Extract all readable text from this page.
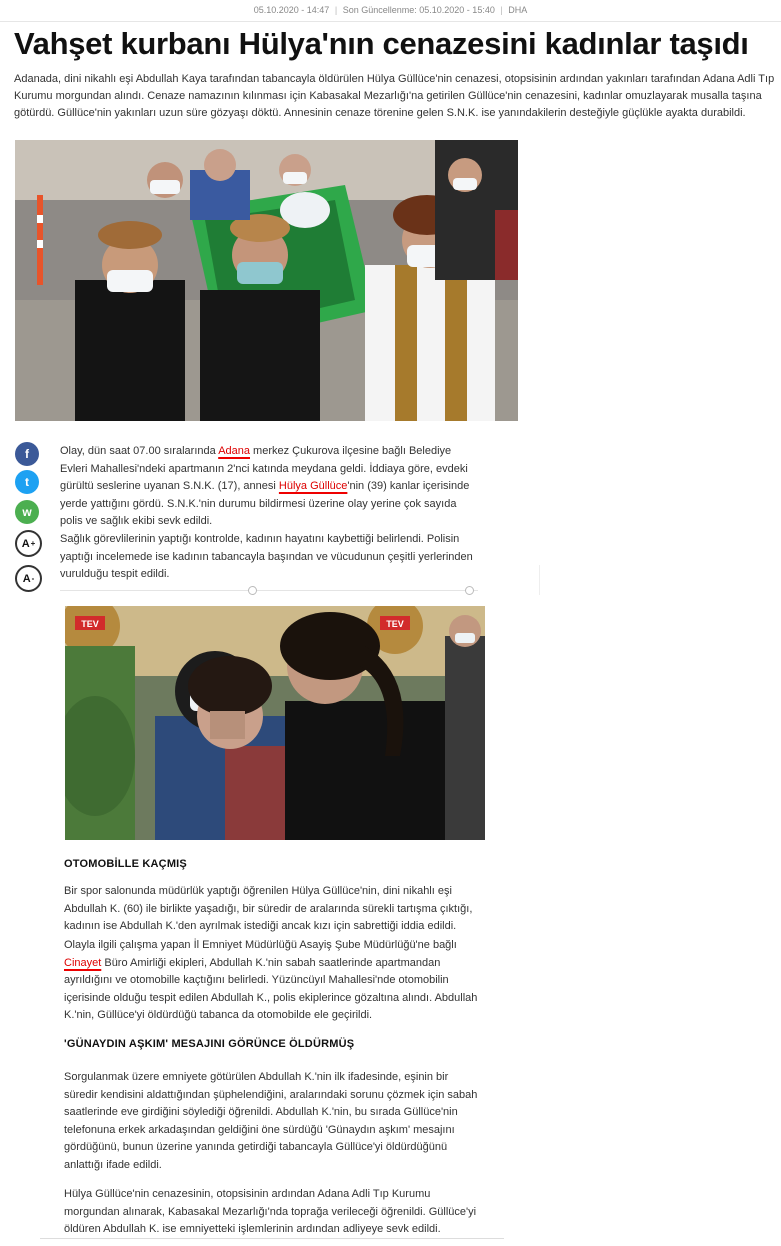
05.10.2020 - 14:47 | Son Güncellenme: 05.10.2020 - 15:40 | DHA
Vahşet kurbanı Hülya'nın cenazesini kadınlar taşıdı

Adanada, dini nikahlı eşi Abdullah Kaya tarafından tabancayla öldürülen Hülya Güllüce'nin cenazesi, otopsisinin ardından yakınları tarafından Adana Adli Tıp Kurumu morgundan alındı. Cenaze namazının kılınması için Kabasakal Mezarlığı'na getirilen Güllüce'nin cenazesini, kadınlar omuzlayarak musalla taşına götürdü. Güllüce'nin yakınları uzun süre gözyaşı döktü. Annesinin cenaze törenine gelen S.N.K. ise yanındakilerin desteğiyle güçlükle ayakta durabildi.

f
t
w
A +
A -

Olay, dün saat 07.00 sıralarında Adana merkez Çukurova ilçesine bağlı Belediye Evleri Mahallesi'ndeki apartmanın 2'nci katında meydana geldi. İddiaya göre, evdeki gürültü seslerine uyanan S.N.K. (17), annesi Hülya Güllüce'nin (39) kanlar içerisinde yerde yattığını gördü. S.N.K.'nin durumu bildirmesi üzerine olay yerine çok sayıda polis ve sağlık ekibi sevk edildi.

Sağlık görevlilerinin yaptığı kontrolde, kadının hayatını kaybettiği belirlendi. Polisin yaptığı incelemede ise kadının tabancayla başından ve vücudunun çeşitli yerlerinden vurulduğu tespit edildi.

TEV	TEV
OTOMOBİLLE KAÇMIŞ

Bir spor salonunda müdürlük yaptığı öğrenilen Hülya Güllüce'nin, dini nikahlı eşi Abdullah K. (60) ile birlikte yaşadığı, bir süredir de aralarında sürekli tartışma çıktığı, kadının ise Abdullah K.'den ayrılmak istediği ancak kızı için sabrettiği iddia edildi.

Olayla ilgili çalışma yapan İl Emniyet Müdürlüğü Asayiş Şube Müdürlüğü'ne bağlı Cinayet Büro Amirliği ekipleri, Abdullah K.'nin sabah saatlerinde apartmandan ayrıldığını ve otomobille kaçtığını belirledi. Yüzüncüyıl Mahallesi'nde otomobilin içerisinde olduğu tespit edilen Abdullah K., polis ekiplerince gözaltına alındı. Abdullah K.'nin, Güllüce'yi öldürdüğü tabanca da otomobilde ele geçirildi.

'GÜNAYDIN AŞKIM' MESAJINI GÖRÜNCE ÖLDÜRMÜŞ

Sorgulanmak üzere emniyete götürülen Abdullah K.'nin ilk ifadesinde, eşinin bir süredir kendisini aldattığından şüphelendiğini, aralarındaki sorunu çözmek için sabah saatlerinde eve girdiğini söylediği öğrenildi. Abdullah K.'nin, bu sırada Güllüce'nin telefonuna erkek arkadaşından geldiğini öne sürdüğü 'Günaydın aşkım' mesajını gördüğünü, bunun üzerine yanında getirdiği tabancayla Güllüce'yi öldürdüğünü anlattığı ifade edildi.

Hülya Güllüce'nin cenazesinin, otopsisinin ardından Adana Adli Tıp Kurumu morgundan alınarak, Kabasakal Mezarlığı'nda toprağa verileceği öğrenildi. Güllüce'yi öldüren Abdullah K. ise emniyetteki işlemlerinin ardından adliyeye sevk edildi.
